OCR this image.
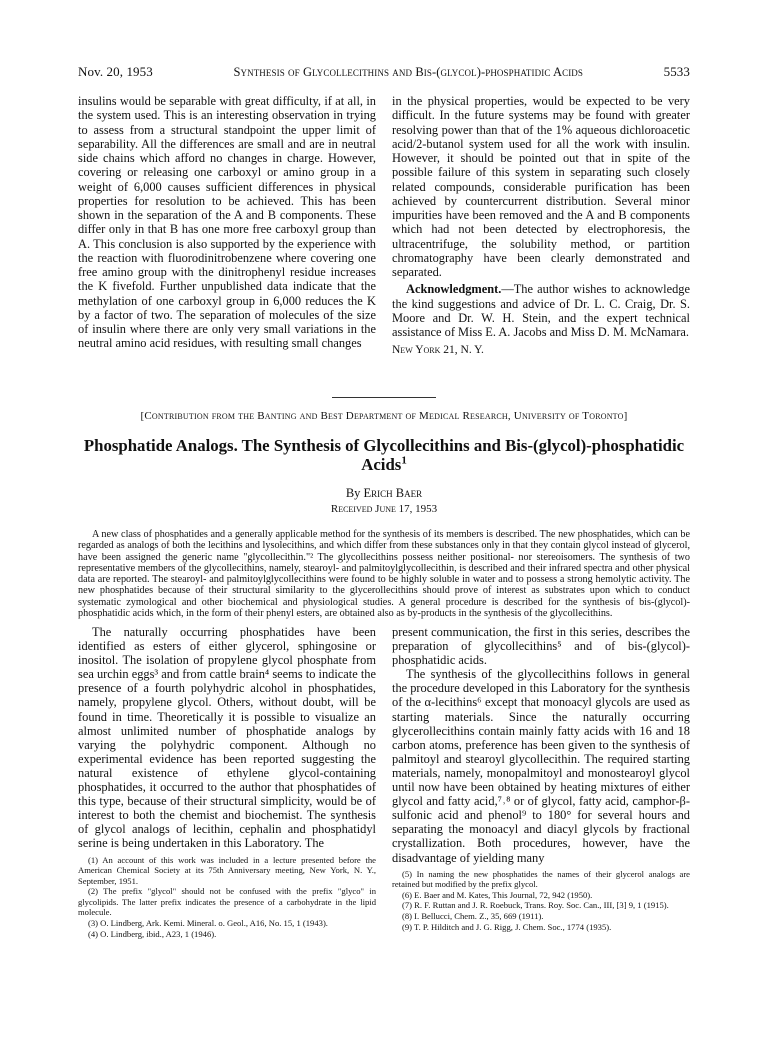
Nov. 20, 1953	Synthesis of Glycollecithins and Bis-(glycol)-phosphatidic Acids	5533

insulins would be separable with great difficulty, if at all, in the system used. This is an interesting observation in trying to assess from a structural standpoint the upper limit of separability. All the differences are small and are in neutral side chains which afford no changes in charge. However, covering or releasing one carboxyl or amino group in a weight of 6,000 causes sufficient differences in physical properties for resolution to be achieved. This has been shown in the separation of the A and B components. These differ only in that B has one more free carboxyl group than A. This conclusion is also supported by the experience with the reaction with fluorodinitrobenzene where covering one free amino group with the dinitrophenyl residue increases the K fivefold. Further unpublished data indicate that the methylation of one carboxyl group in 6,000 reduces the K by a factor of two. The separation of molecules of the size of insulin where there are only very small variations in the neutral amino acid residues, with resulting small changes

in the physical properties, would be expected to be very difficult. In the future systems may be found with greater resolving power than that of the 1% aqueous dichloroacetic acid/2-butanol system used for all the work with insulin. However, it should be pointed out that in spite of the possible failure of this system in separating such closely related compounds, considerable purification has been achieved by countercurrent distribution. Several minor impurities have been removed and the A and B components which had not been detected by electrophoresis, the ultracentrifuge, the solubility method, or partition chromatography have been clearly demonstrated and separated.

Acknowledgment.—The author wishes to acknowledge the kind suggestions and advice of Dr. L. C. Craig, Dr. S. Moore and Dr. W. H. Stein, and the expert technical assistance of Miss E. A. Jacobs and Miss D. M. McNamara.

New York 21, N. Y.

[Contribution from the Banting and Best Department of Medical Research, University of Toronto]
Phosphatide Analogs. The Synthesis of Glycollecithins and Bis-(glycol)-phosphatidic Acids$^1$
By Erich Baer
Received June 17, 1953

A new class of phosphatides and a generally applicable method for the synthesis of its members is described. The new phosphatides, which can be regarded as analogs of both the lecithins and lysolecithins, and which differ from these substances only in that they contain glycol instead of glycerol, have been assigned the generic name "glycollecithin."² The glycollecithins possess neither positional- nor stereoisomers. The synthesis of two representative members of the glycollecithins, namely, stearoyl- and palmitoylglycollecithin, is described and their infrared spectra and other physical data are reported. The stearoyl- and palmitoylglycollecithins were found to be highly soluble in water and to possess a strong hemolytic activity. The new phosphatides because of their structural similarity to the glycerollecithins should prove of interest as substrates upon which to conduct systematic zymological and other biochemical and physiological studies. A general procedure is described for the synthesis of bis-(glycol)-phosphatidic acids which, in the form of their phenyl esters, are obtained also as by-products in the synthesis of the glycollecithins.

The naturally occurring phosphatides have been identified as esters of either glycerol, sphingosine or inositol. The isolation of propylene glycol phosphate from sea urchin eggs³ and from cattle brain⁴ seems to indicate the presence of a fourth polyhydric alcohol in phosphatides, namely, propylene glycol. Others, without doubt, will be found in time. Theoretically it is possible to visualize an almost unlimited number of phosphatide analogs by varying the polyhydric component. Although no experimental evidence has been reported suggesting the natural existence of ethylene glycol-containing phosphatides, it occurred to the author that phosphatides of this type, because of their structural simplicity, would be of interest to both the chemist and biochemist. The synthesis of glycol analogs of lecithin, cephalin and phosphatidyl serine is being undertaken in this Laboratory. The

(1) An account of this work was included in a lecture presented before the American Chemical Society at its 75th Anniversary meeting, New York, N. Y., September, 1951.
(2) The prefix "glycol" should not be confused with the prefix "glyco" in glycolipids. The latter prefix indicates the presence of a carbohydrate in the lipid molecule.
(3) O. Lindberg, Ark. Kemi. Mineral. o. Geol., A16, No. 15, 1 (1943).
(4) O. Lindberg, ibid., A23, 1 (1946).

present communication, the first in this series, describes the preparation of glycollecithins⁵ and of bis-(glycol)-phosphatidic acids.

The synthesis of the glycollecithins follows in general the procedure developed in this Laboratory for the synthesis of the α-lecithins⁶ except that monoacyl glycols are used as starting materials. Since the naturally occurring glycerollecithins contain mainly fatty acids with 16 and 18 carbon atoms, preference has been given to the synthesis of palmitoyl and stearoyl glycollecithin. The required starting materials, namely, monopalmitoyl and monostearoyl glycol until now have been obtained by heating mixtures of either glycol and fatty acid,⁷˒⁸ or of glycol, fatty acid, camphor-β-sulfonic acid and phenol⁹ to 180° for several hours and separating the monoacyl and diacyl glycols by fractional crystallization. Both procedures, however, have the disadvantage of yielding many

(5) In naming the new phosphatides the names of their glycerol analogs are retained but modified by the prefix glycol.
(6) E. Baer and M. Kates, This Journal, 72, 942 (1950).
(7) R. F. Ruttan and J. R. Roebuck, Trans. Roy. Soc. Can., III, [3] 9, 1 (1915).
(8) I. Bellucci, Chem. Z., 35, 669 (1911).
(9) T. P. Hilditch and J. G. Rigg, J. Chem. Soc., 1774 (1935).
